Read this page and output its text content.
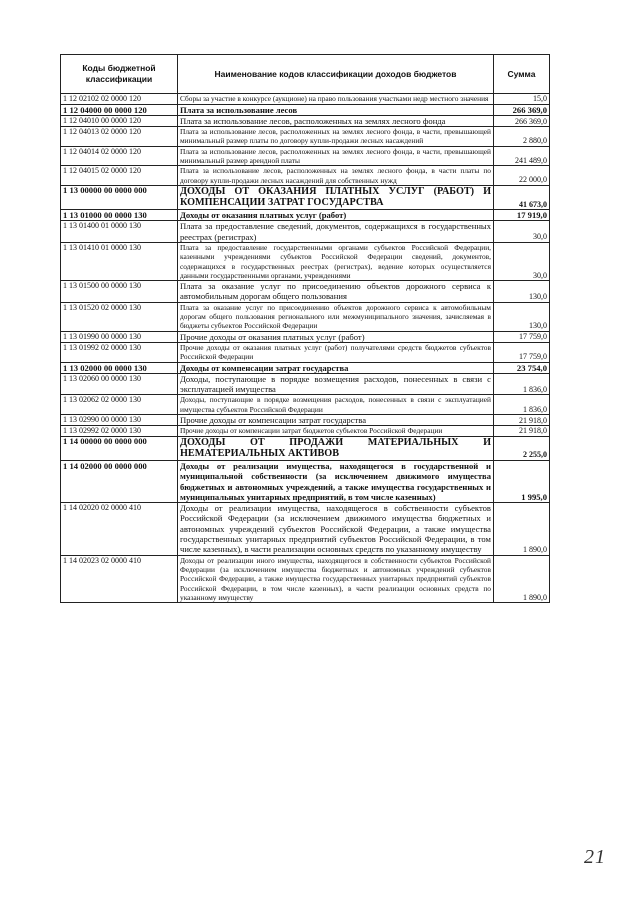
Коды бюджетной классификации	Наименование кодов классификации доходов бюджетов	Сумма
1 12 02102 02 0000 120	Сборы за участие в конкурсе (аукционе) на право пользования участками недр местного значения	15,0
1 12 04000 00 0000 120	Плата за использование лесов	266 369,0
1 12 04010 00 0000 120	Плата за использование лесов, расположенных на землях лесного фонда	266 369,0
1 12 04013 02 0000 120	Плата за использование лесов, расположенных на землях лесного фонда, в части, превышающей минимальный размер платы по договору купли-продажи лесных насаждений	2 880,0
1 12 04014 02 0000 120	Плата за использование лесов, расположенных на землях лесного фонда, в части, превышающей минимальный размер арендной платы	241 489,0
1 12 04015 02 0000 120	Плата за использование лесов, расположенных на землях лесного фонда, в части платы по договору купли-продажи лесных насаждений для собственных нужд	22 000,0
1 13 00000 00 0000 000	ДОХОДЫ ОТ ОКАЗАНИЯ ПЛАТНЫХ УСЛУГ (РАБОТ) И КОМПЕНСАЦИИ ЗАТРАТ ГОСУДАРСТВА	41 673,0
1 13 01000 00 0000 130	Доходы от оказания платных услуг (работ)	17 919,0
1 13 01400 01 0000 130	Плата за предоставление сведений, документов, содержащихся в государственных реестрах (регистрах)	30,0
1 13 01410 01 0000 130	Плата за предоставление государственными органами субъектов Российской Федерации, казенными учреждениями субъектов Российской Федерации сведений, документов, содержащихся в государственных реестрах (регистрах), ведение которых осуществляется данными государственными органами, учреждениями	30,0
1 13 01500 00 0000 130	Плата за оказание услуг по присоединению объектов дорожного сервиса к автомобильным дорогам общего пользования	130,0
1 13 01520 02 0000 130	Плата за оказание услуг по присоединению объектов дорожного сервиса к автомобильным дорогам общего пользования регионального или межмуниципального значения, зачисляемая в бюджеты субъектов Российской Федерации	130,0
1 13 01990 00 0000 130	Прочие доходы от оказания платных услуг (работ)	17 759,0
1 13 01992 02 0000 130	Прочие доходы от оказания платных услуг (работ) получателями средств бюджетов субъектов Российской Федерации	17 759,0
1 13 02000 00 0000 130	Доходы от компенсации затрат государства	23 754,0
1 13 02060 00 0000 130	Доходы, поступающие в порядке возмещения расходов, понесенных в связи с эксплуатацией имущества	1 836,0
1 13 02062 02 0000 130	Доходы, поступающие в порядке возмещения расходов, понесенных в связи с эксплуатацией имущества субъектов Российской Федерации	1 836,0
1 13 02990 00 0000 130	Прочие доходы от компенсации затрат государства	21 918,0
1 13 02992 02 0000 130	Прочие доходы от компенсации затрат бюджетов субъектов Российской Федерации	21 918,0
1 14 00000 00 0000 000	ДОХОДЫ ОТ ПРОДАЖИ МАТЕРИАЛЬНЫХ И НЕМАТЕРИАЛЬНЫХ АКТИВОВ	2 255,0
1 14 02000 00 0000 000	Доходы от реализации имущества, находящегося в государственной и муниципальной собственности (за исключением движимого имущества бюджетных и автономных учреждений, а также имущества государственных и муниципальных унитарных предприятий, в том числе казенных)	1 995,0
1 14 02020 02 0000 410	Доходы от реализации имущества, находящегося в собственности субъектов Российской Федерации (за исключением движимого имущества бюджетных и автономных учреждений субъектов Российской Федерации, а также имущества государственных унитарных предприятий субъектов Российской Федерации, в том числе казенных), в части реализации основных средств по указанному имуществу	1 890,0
1 14 02023 02 0000 410	Доходы от реализации иного имущества, находящегося в собственности субъектов Российской Федерации (за исключением имущества бюджетных и автономных учреждений субъектов Российской Федерации, а также имущества государственных унитарных предприятий субъектов Российской Федерации, в том числе казенных), в части реализации основных средств по указанному имуществу	1 890,0
21
